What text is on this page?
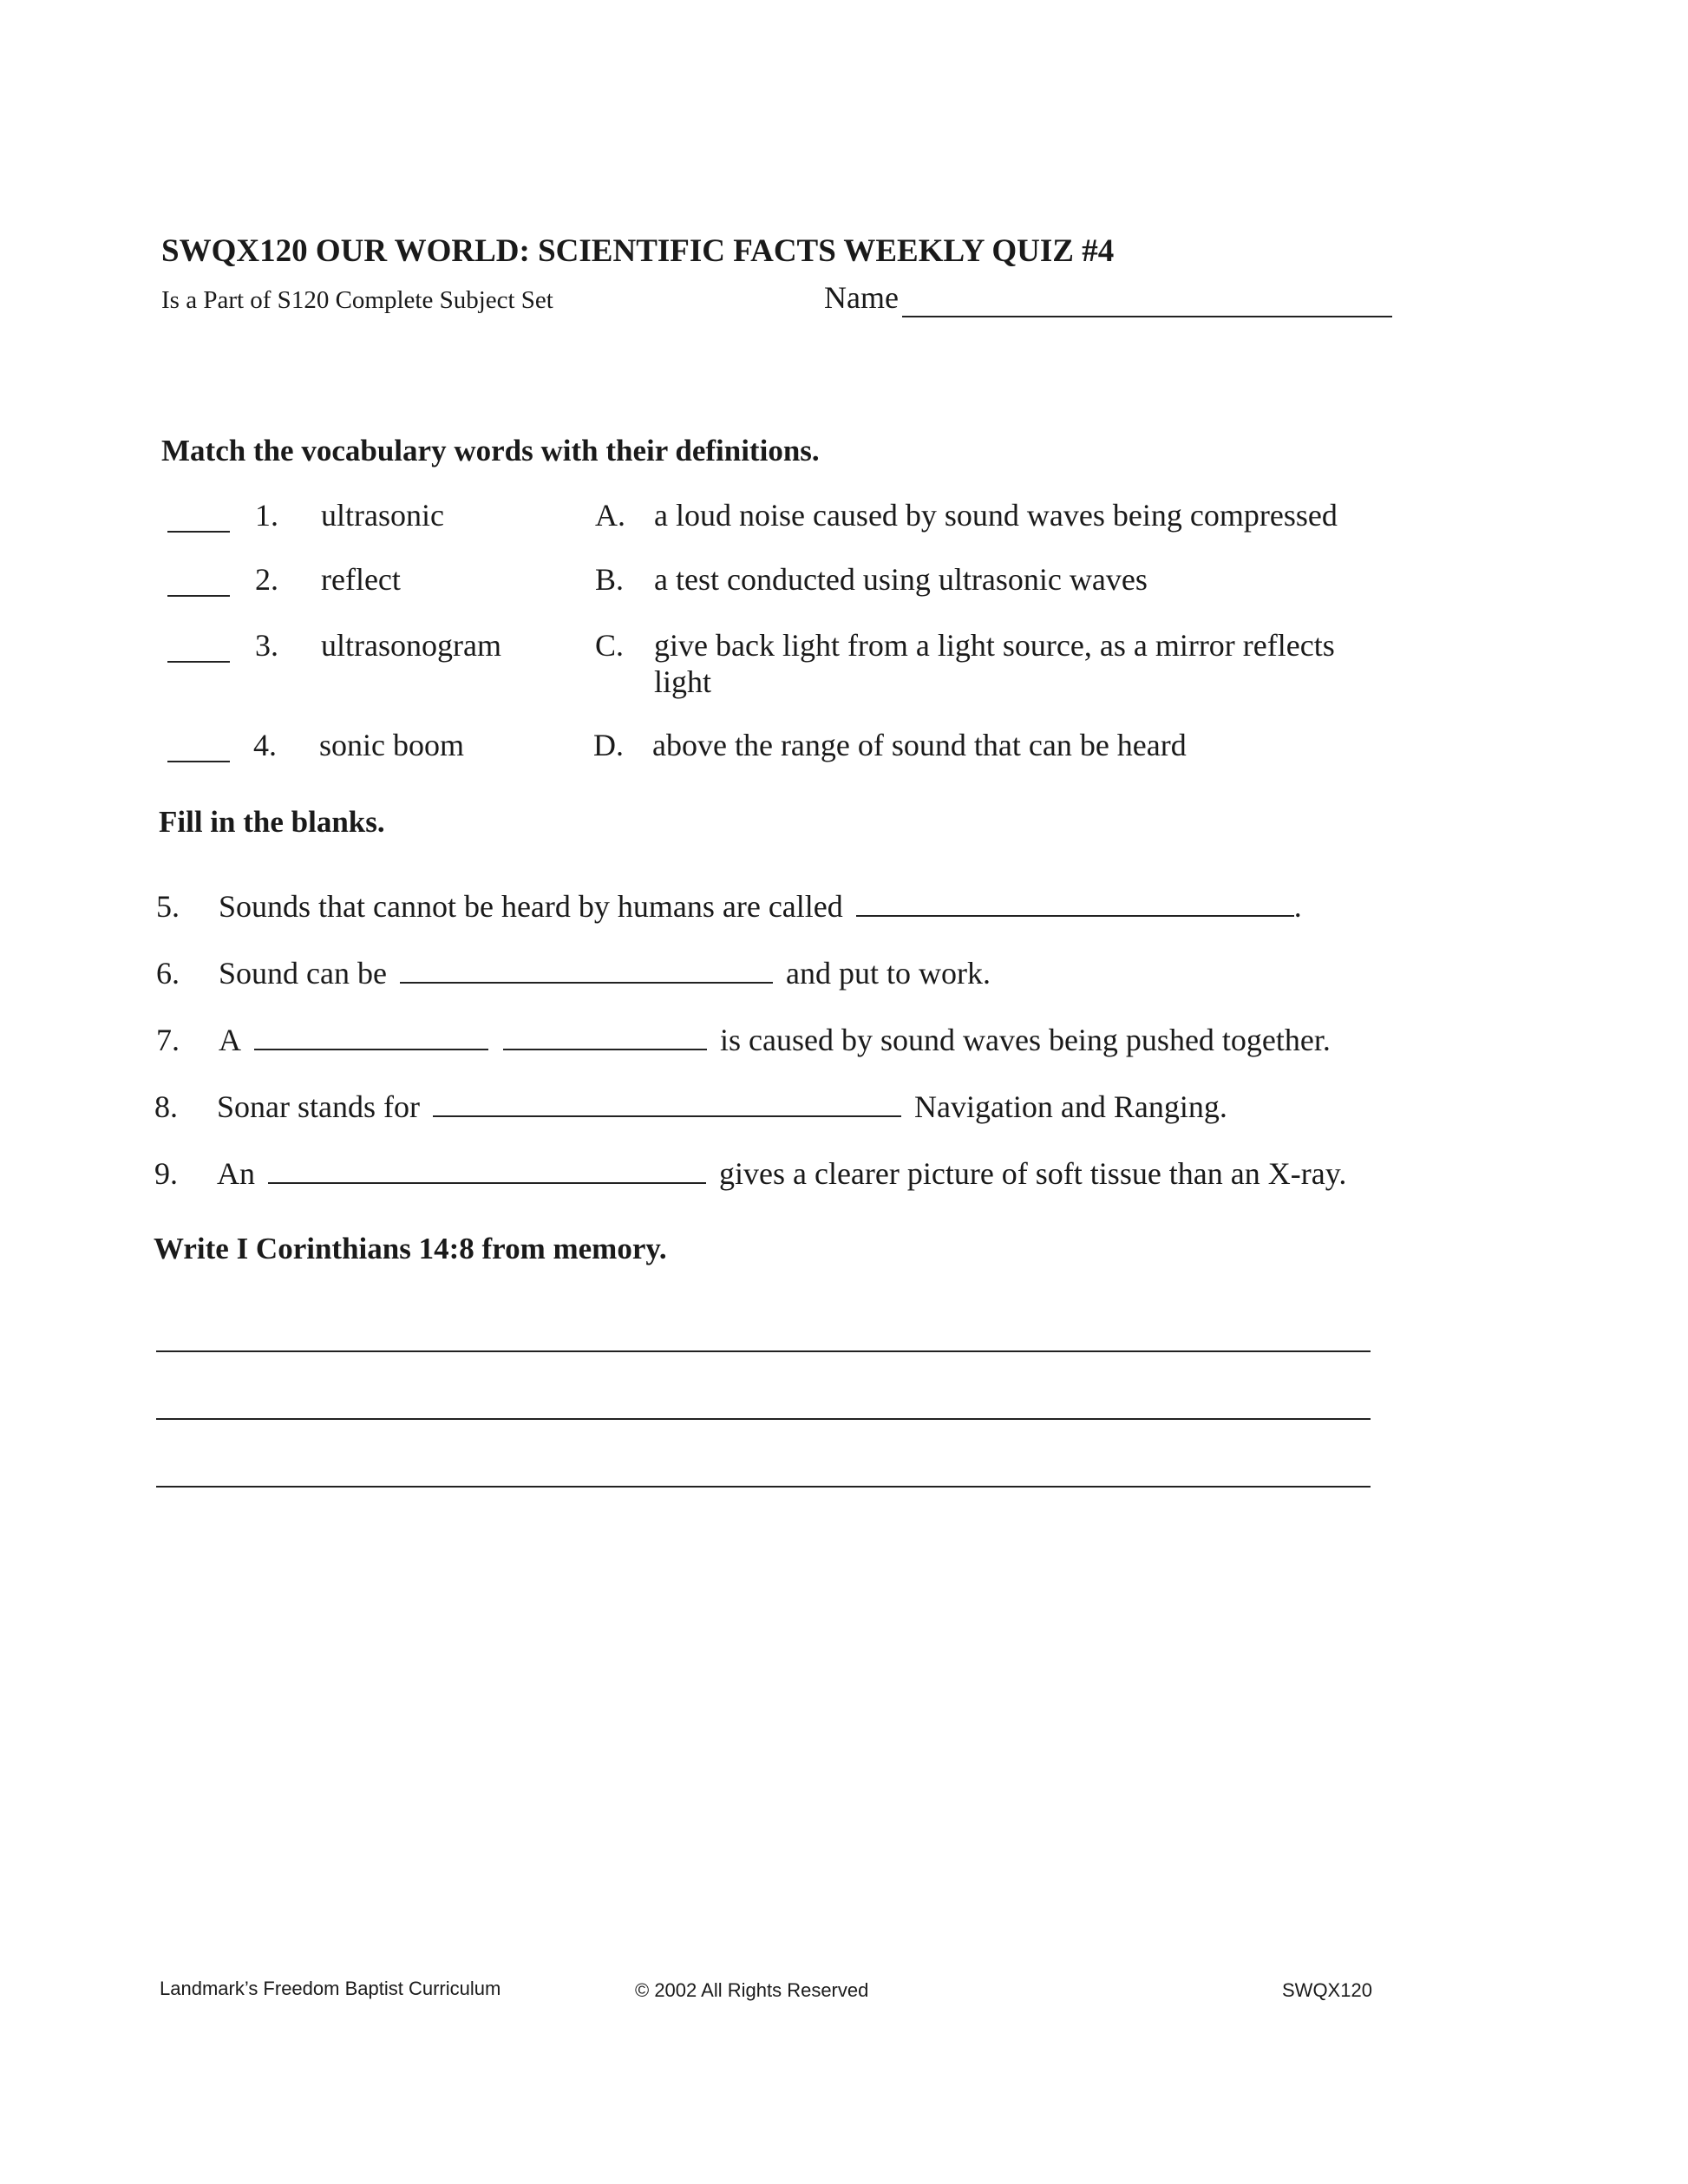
SWQX120 OUR WORLD: SCIENTIFIC FACTS WEEKLY QUIZ #4
Is a Part of S120 Complete Subject Set	Name
Match the vocabulary words with their definitions.
1. ultrasonic	A. a loud noise caused by sound waves being compressed
2. reflect	B. a test conducted using ultrasonic waves
3. ultrasonogram	C. give back light from a light source, as a mirror reflects
light
4. sonic boom	D. above the range of sound that can be heard
Fill in the blanks.
5. Sounds that cannot be heard by humans are called	.
6. Sound can be	and put to work.
7. A	is caused by sound waves being pushed together.
8. Sonar stands for	Navigation and Ranging.
9. An	gives a clearer picture of soft tissue than an X-ray.
Write I Corinthians 14:8 from memory.
Landmark’s Freedom Baptist Curriculum	© 2002 All Rights Reserved	SWQX120
